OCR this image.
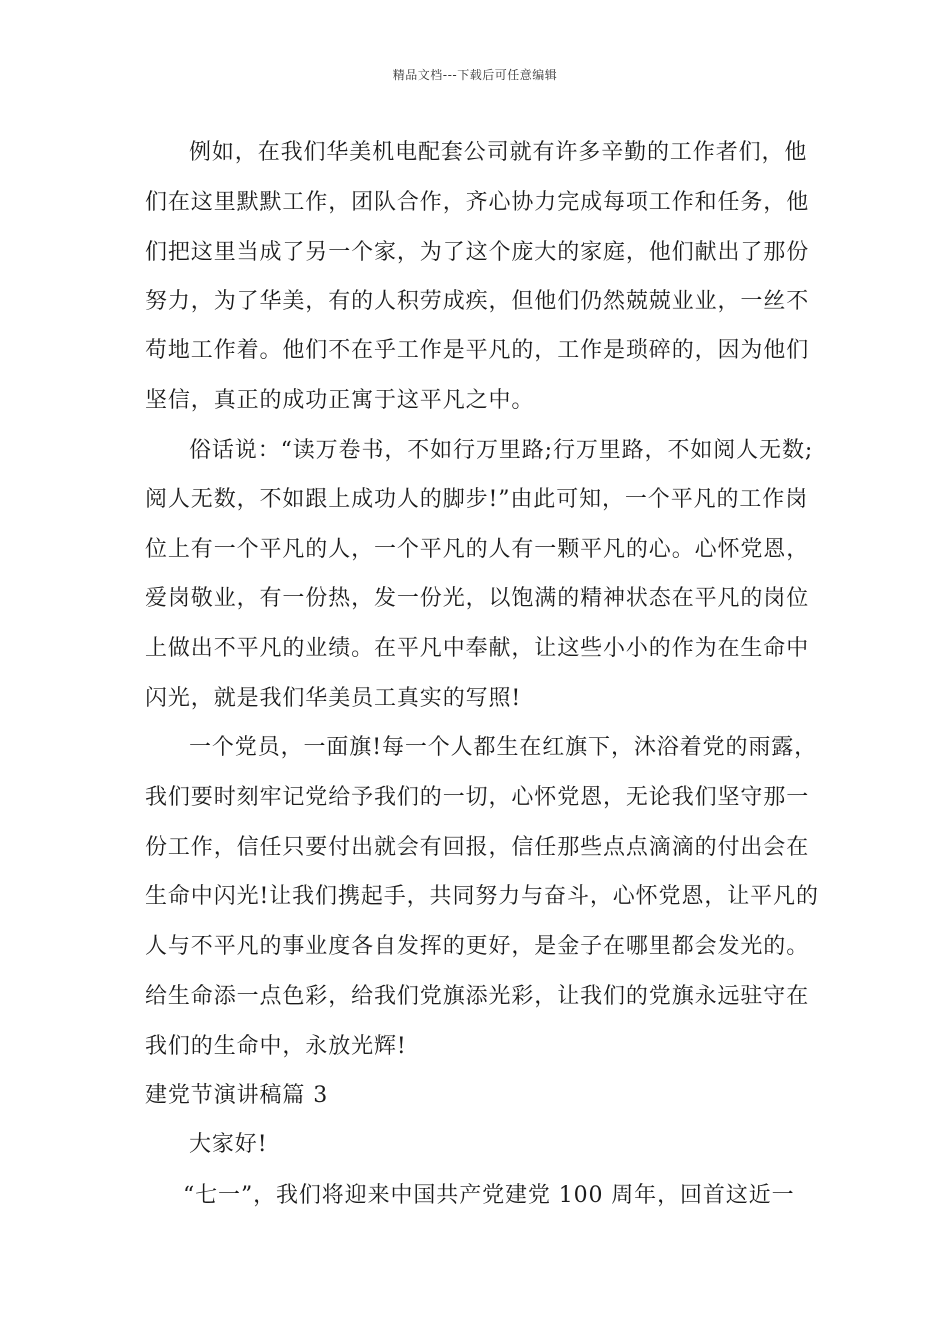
精品文档---下载后可任意编辑
例如，在我们华美机电配套公司就有许多辛勤的工作者们，他
们在这里默默工作，团队合作，齐心协力完成每项工作和任务，他
们把这里当成了另一个家，为了这个庞大的家庭，他们献出了那份
努力，为了华美，有的人积劳成疾，但他们仍然兢兢业业，一丝不
苟地工作着。他们不在乎工作是平凡的，工作是琐碎的，因为他们
坚信，真正的成功正寓于这平凡之中。
俗话说：“读万卷书，不如行万里路;行万里路，不如阅人无数;
阅人无数，不如跟上成功人的脚步!”由此可知，一个平凡的工作岗
位上有一个平凡的人，一个平凡的人有一颗平凡的心。心怀党恩，
爱岗敬业，有一份热，发一份光，以饱满的精神状态在平凡的岗位
上做出不平凡的业绩。在平凡中奉献，让这些小小的作为在生命中
闪光，就是我们华美员工真实的写照!
一个党员，一面旗!每一个人都生在红旗下，沐浴着党的雨露，
我们要时刻牢记党给予我们的一切，心怀党恩，无论我们坚守那一
份工作，信任只要付出就会有回报，信任那些点点滴滴的付出会在
生命中闪光!让我们携起手，共同努力与奋斗，心怀党恩，让平凡的
人与不平凡的事业度各自发挥的更好，是金子在哪里都会发光的。
给生命添一点色彩，给我们党旗添光彩，让我们的党旗永远驻守在
我们的生命中，永放光辉!
建党节演讲稿篇 3
大家好!
“七一”，我们将迎来中国共产党建党 100 周年，回首这近一
